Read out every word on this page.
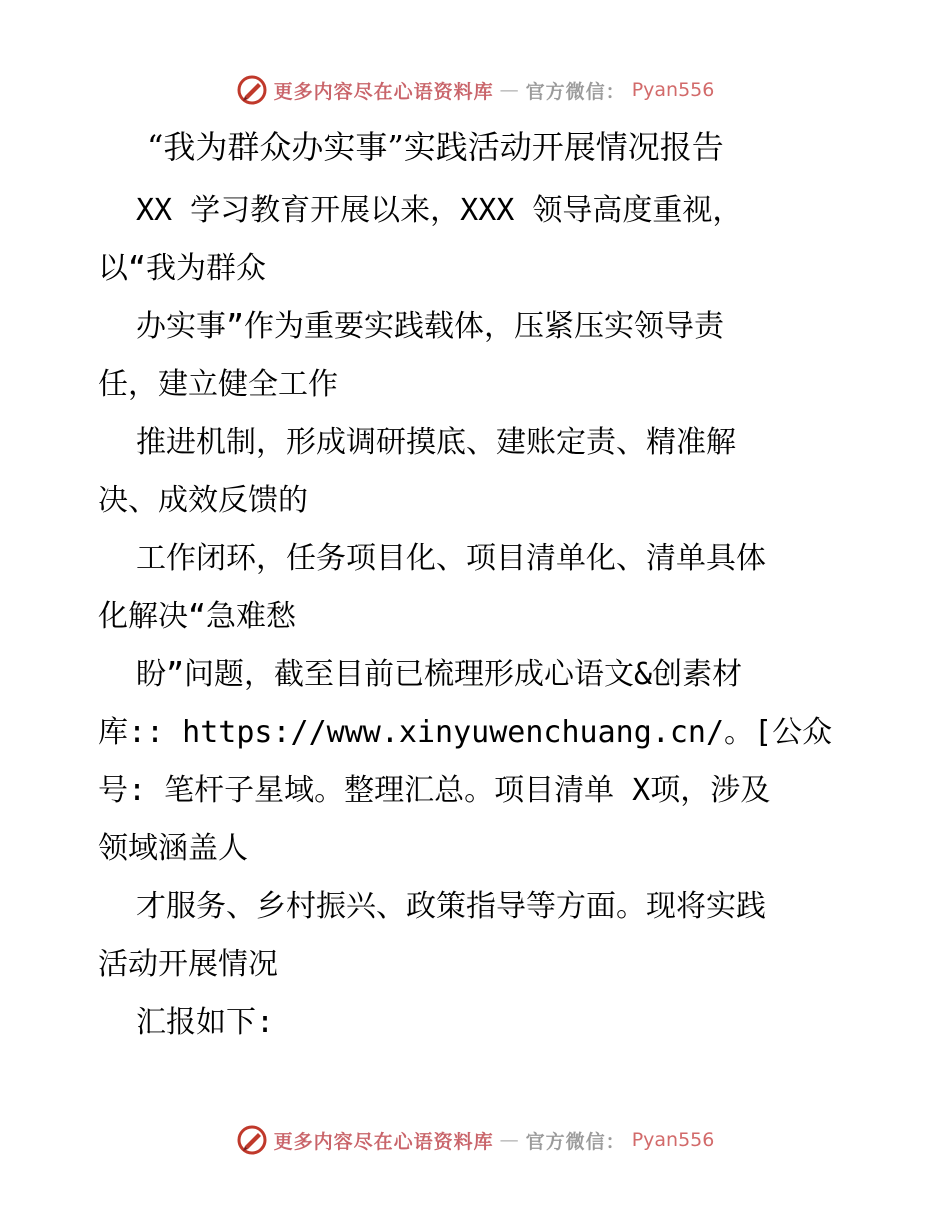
更多内容尽在心语资料库 — 官方微信： Pyan556
“我为群众办实事”实践活动开展情况报告
XX 学习教育开展以来，XXX 领导高度重视，
以“我为群众
办实事”作为重要实践载体，压紧压实领导责
任，建立健全工作
推进机制，形成调研摸底、建账定责、精准解
决、成效反馈的
工作闭环，任务项目化、项目清单化、清单具体
化解决“急难愁
盼”问题，截至目前已梳理形成心语文&创素材
库:: https://www.xinyuwenchuang.cn/。[公众
号: 笔杆子星域。整理汇总。项目清单 X项，涉及
领域涵盖人
才服务、乡村振兴、政策指导等方面。现将实践
活动开展情况
汇报如下:
更多内容尽在心语资料库 — 官方微信： Pyan556
